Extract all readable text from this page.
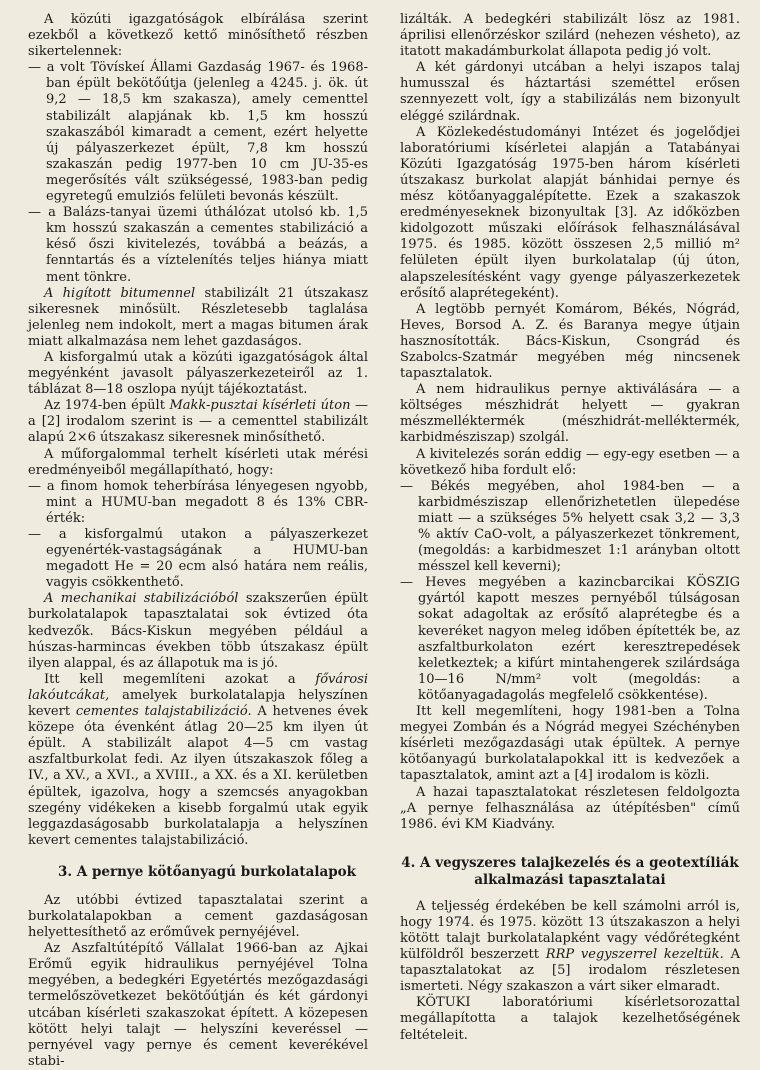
A közúti igazgatóságok elbírálása szerint ezekből a következő kettő minősíthető részben sikertelennek:

— a volt Tövískeí Állami Gazdaság 1967- és 1968-ban épült bekötőútja (jelenleg a 4245. j. ök. út 9,2 — 18,5 km szakasza), amely cementtel stabilizált alapjának kb. 1,5 km hosszú szakaszából kimaradt a cement, ezért helyette új pályaszerkezet épült, 7,8 km hosszú szakaszán pedig 1977-ben 10 cm JU-35-es megerősítés vált szükségessé, 1983-ban pedig egyretegű emulziós felületi bevonás készült.

— a Balázs-tanyai üzemi úthálózat utolsó kb. 1,5 km hosszú szakaszán a cementes stabilizáció a késő őszi kivitelezés, továbbá a beázás, a fenntartás és a víztelenítés teljes hiánya miatt ment tönkre.

A higított bitumennel stabilizált 21 útszakasz sikeresnek minősült. Részletesebb taglalása jelenleg nem indokolt, mert a magas bitumen árak miatt alkalmazása nem lehet gazdaságos.

A kisforgalmú utak a közúti igazgatóságok által megyénként javasolt pályaszerkezeteiről az 1. táblázat 8—18 oszlopa nyújt tájékoztatást.

Az 1974-ben épült Makk-pusztai kísérleti úton — a [2] irodalom szerint is — a cementtel stabilizált alapú 2×6 útszakasz sikeresnek minősíthető.

A műforgalommal terhelt kísérleti utak mérési eredményeiből megállapítható, hogy:

— a finom homok teherbírása lényegesen ngyobb, mint a HUMU-ban megadott 8 és 13% CBR-érték:

— a kisforgalmú utakon a pályaszerkezet egyenérték-vastagságának a HUMU-ban megadott He = 20 ecm alsó határa nem reális, vagyis csökkenthető.

A mechanikai stabilizációból szakszerűen épült burkolatalapok tapasztalatai sok évtized óta kedvezők. Bács-Kiskun megyében például a húszas-harmincas években több útszakasz épült ilyen alappal, és az állapotuk ma is jó.

Itt kell megemlíteni azokat a fővárosi lakóutcákat, amelyek burkolatalapja helyszínen kevert cementes talajstabilizáció. A hetvenes évek közepe óta évenként átlag 20—25 km ilyen út épült. A stabilizált alapot 4—5 cm vastag aszfaltburkolat fedi. Az ilyen útszakaszok főleg a IV., a XV., a XVI., a XVIII., a XX. és a XI. kerületben épültek, igazolva, hogy a szemcsés anyagokban szegény vidékeken a kisebb forgalmú utak egyik leggazdaságosabb burkolatalapja a helyszínen kevert cementes talajstabilizáció.

3. A pernye kötőanyagú burkolatalapok

Az utóbbi évtized tapasztalatai szerint a burkolatalapokban a cement gazdaságosan helyettesíthető az erőművek pernyéjével.

Az Aszfaltútépítő Vállalat 1966-ban az Ajkai Erőmű egyik hidraulikus pernyéjével Tolna megyében, a bedegkéri Egyetértés mezőgazdasági termelőszövetkezet bekötőútján és két gárdonyi utcában kísérleti szakaszokat épített. A közepesen kötött helyi talajt — helyszíni keveréssel — pernyével vagy pernye és cement keverékével stabi-

lizálták. A bedegkéri stabilizált lösz az 1981. áprilisi ellenőrzéskor szilárd (nehezen vésheto), az itatott makadámburkolat állapota pedig jó volt.

A két gárdonyi utcában a helyi iszapos talaj humusszal és háztartási szeméttel erősen szennyezett volt, így a stabilizálás nem bizonyult eléggé szilárdnak.

A Közlekedéstudományi Intézet és jogelődjei laboratóriumi kísérletei alapján a Tatabányai Közúti Igazgatóság 1975-ben három kísérleti útszakasz burkolat alapját bánhidai pernye és mész kötőanyaggalépítette. Ezek a szakaszok eredményeseknek bizonyultak [3]. Az időközben kidolgozott műszaki előírások felhasználásával 1975. és 1985. között összesen 2,5 millió m² felületen épült ilyen burkolatalap (új úton, alapszelesítésként vagy gyenge pályaszerkezetek erősítő alaprétegeként).

A legtöbb pernyét Komárom, Békés, Nógrád, Heves, Borsod A. Z. és Baranya megye útjain hasznosították. Bács-Kiskun, Csongrád és Szabolcs-Szatmár megyében még nincsenek tapasztalatok.

A nem hidraulikus pernye aktiválására — a költséges mészhidrát helyett — gyakran mészmelléktermék (mészhidrát-melléktermék, karbidmésziszap) szolgál.

A kivitelezés során eddig — egy-egy esetben — a következő hiba fordult elő:

— Békés megyében, ahol 1984-ben — a karbidmésziszap ellenőrizhetetlen ülepedése miatt — a szükséges 5% helyett csak 3,2 — 3,3 % aktív CaO-volt, a pályaszerkezet tönkrement, (megoldás: a karbidmeszet 1:1 arányban oltott mésszel kell keverni);

— Heves megyében a kazincbarcikai KÖSZIG gyártól kapott meszes pernyéből túlságosan sokat adagoltak az erősítő alaprétegbe és a keveréket nagyon meleg időben építették be, az aszfaltburkolaton ezért keresztrepedések keletkeztek; a kifúrt mintahengerek szilárdsága 10—16 N/mm² volt (megoldás: a kötőanyagadagolás megfelelő csökkentése).

Itt kell megemlíteni, hogy 1981-ben a Tolna megyei Zombán és a Nógrád megyei Széchényben kísérleti mezőgazdasági utak épültek. A pernye kötőanyagú burkolatalapokkal itt is kedvezőek a tapasztalatok, amint azt a [4] irodalom is közli.

A hazai tapasztalatokat részletesen feldolgozta „A pernye felhasználása az útépítésben" című 1986. évi KM Kiadvány.

4. A vegyszeres talajkezelés és a geotextíliák alkalmazási tapasztalatai

A teljesség érdekében be kell számolni arról is, hogy 1974. és 1975. között 13 útszakaszon a helyi kötött talajt burkolatalapként vagy védőrétegként külföldről beszerzett RRP vegyszerrel kezeltük. A tapasztalatokat az [5] irodalom részletesen ismerteti. Négy szakaszon a várt siker elmaradt.

KÖTUKI laboratóriumi kísérletsorozattal megállapította a talajok kezelhetőségének feltételeit.
